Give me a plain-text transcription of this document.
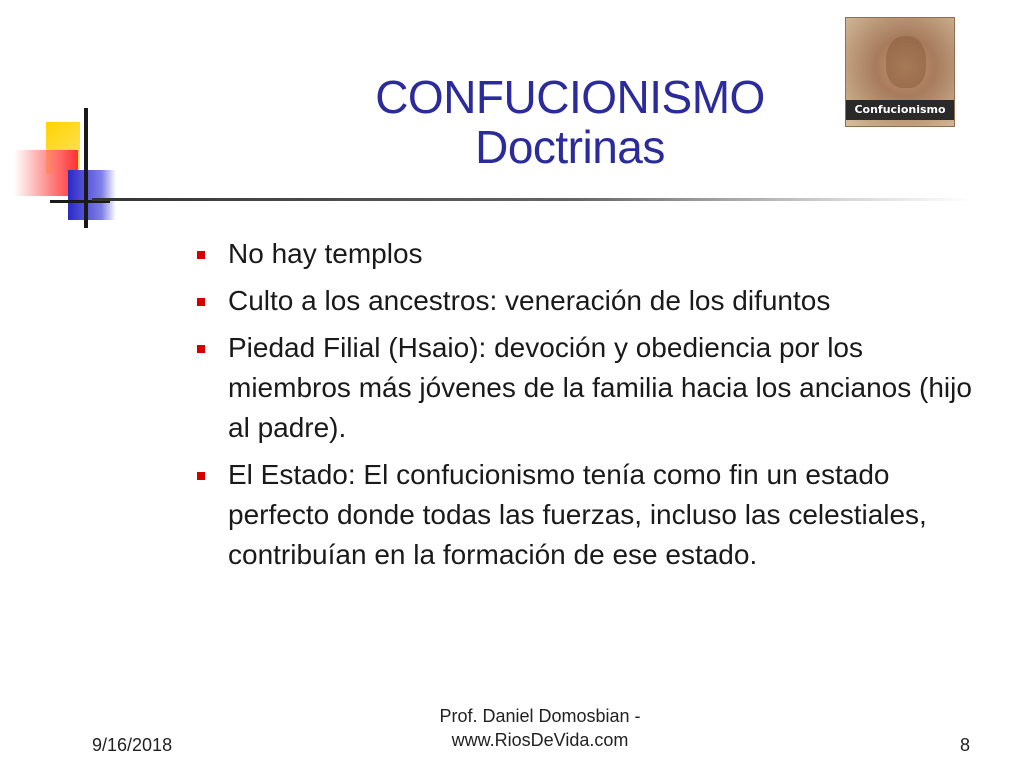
CONFUCIONISMO
Doctrinas
Confucionismo
No hay templos
Culto a los ancestros: veneración de los difuntos
Piedad Filial (Hsaio): devoción y obediencia por los miembros más jóvenes de la familia hacia los ancianos (hijo al padre).
El Estado: El confucionismo tenía como fin un estado perfecto donde todas las fuerzas, incluso las celestiales, contribuían en la formación de ese estado.
9/16/2018
Prof. Daniel Domosbian -
www.RiosDeVida.com	8
